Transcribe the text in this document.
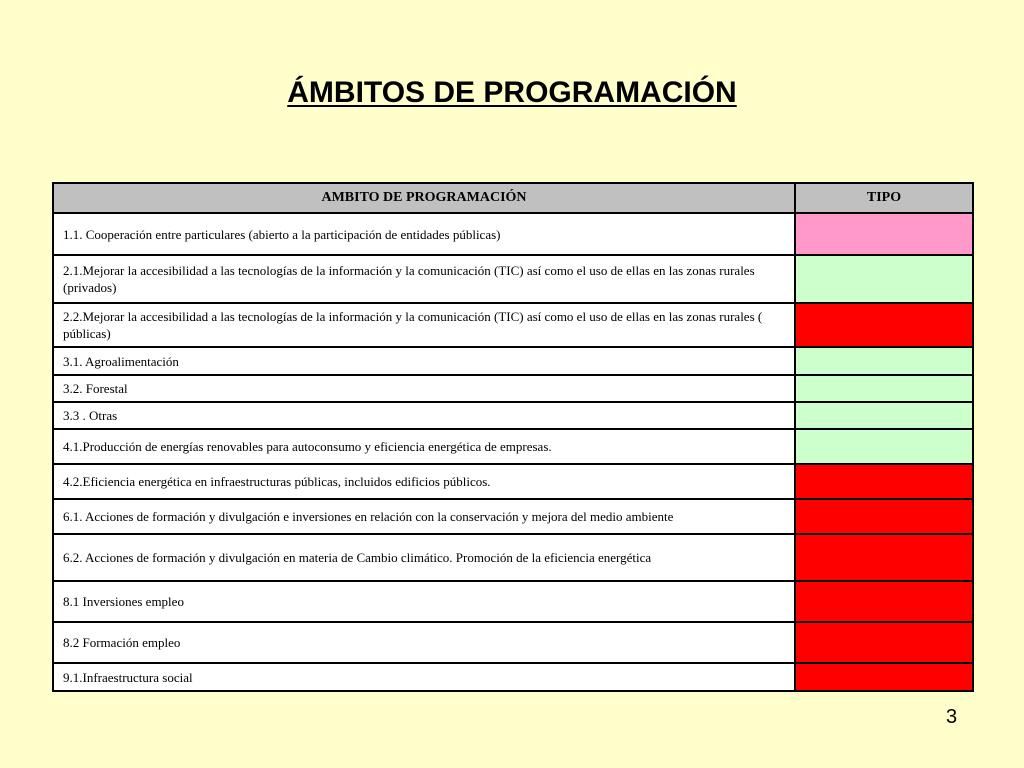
ÁMBITOS DE PROGRAMACIÓN
AMBITO DE PROGRAMACIÓN	TIPO
1.1. Cooperación entre particulares (abierto a la participación de entidades públicas)	
2.1.Mejorar la accesibilidad a las tecnologías de la información y la comunicación (TIC) así como el uso de ellas en las zonas rurales (privados)	
2.2.Mejorar la accesibilidad a las tecnologías de la información y la comunicación (TIC) así como el uso de ellas en las zonas rurales ( públicas)	
3.1. Agroalimentación	
3.2. Forestal	
3.3 . Otras	
4.1.Producción de energías renovables para autoconsumo y eficiencia energética de empresas.	
4.2.Eficiencia energética en infraestructuras públicas, incluidos edificios públicos.	
6.1. Acciones de formación y divulgación e inversiones en relación con la conservación y mejora del medio ambiente	
6.2. Acciones de formación y divulgación en materia de Cambio climático. Promoción de la eficiencia energética	
8.1 Inversiones empleo	
8.2 Formación empleo	
9.1.Infraestructura social	
3
